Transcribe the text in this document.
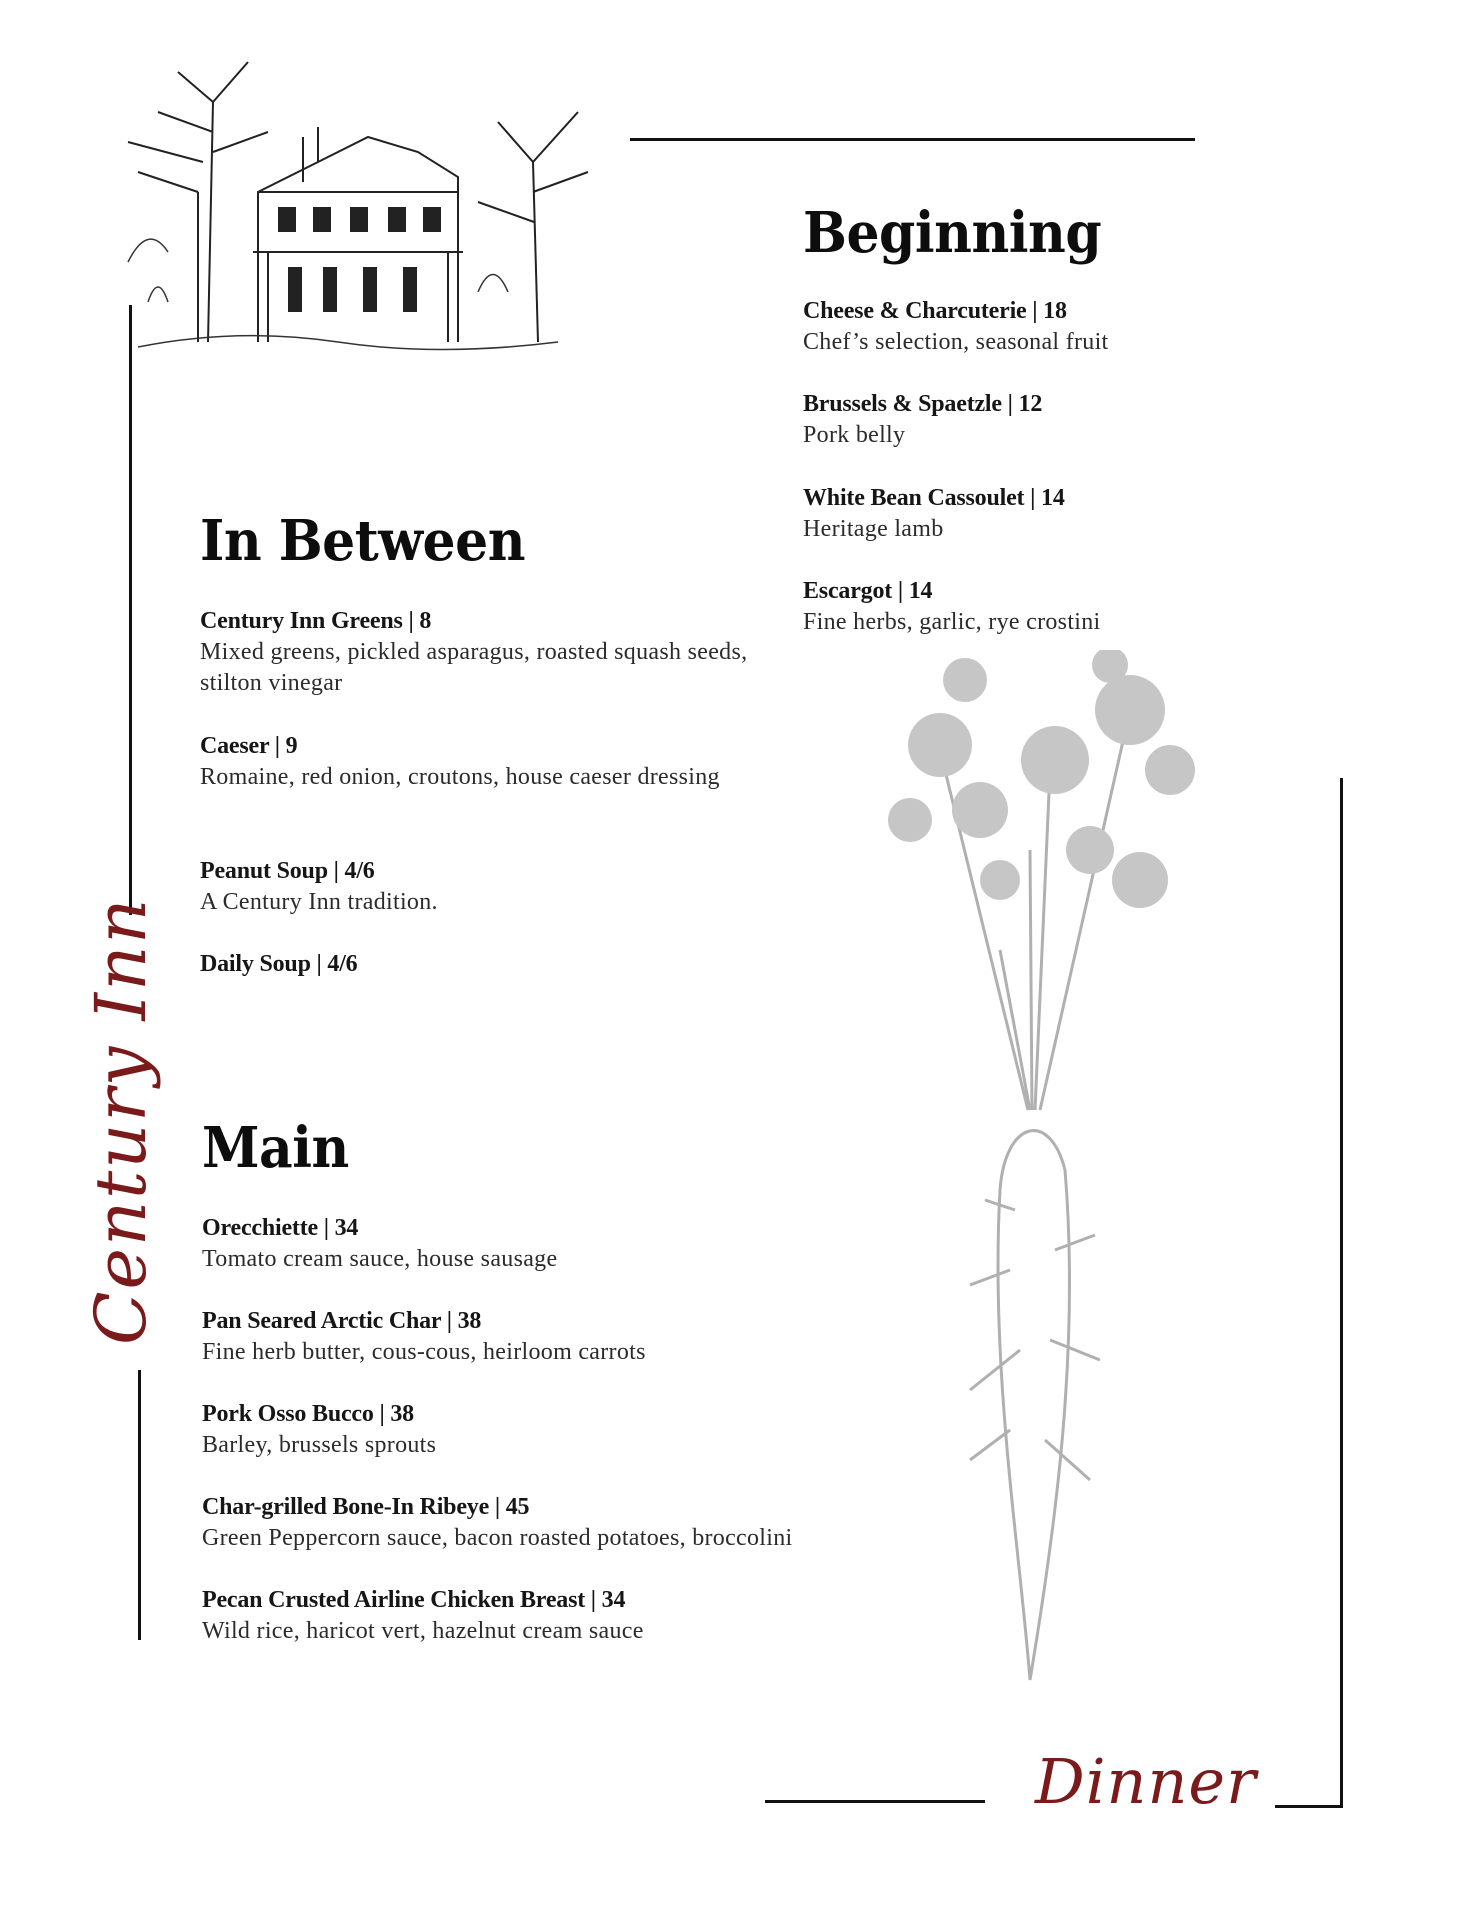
Century Inn
Beginning
Cheese & Charcuterie | 18
Chef’s selection, seasonal fruit
Brussels & Spaetzle | 12
Pork belly
White Bean Cassoulet | 14
Heritage lamb
Escargot | 14
Fine herbs, garlic, rye crostini
In Between
Century Inn Greens | 8
Mixed greens, pickled asparagus, roasted squash seeds, stilton vinegar
Caeser | 9
Romaine, red onion, croutons, house caeser dressing
Peanut Soup | 4/6
A Century Inn tradition.
Daily Soup | 4/6
Main
Orecchiette | 34
Tomato cream sauce, house sausage
Pan Seared Arctic Char | 38
Fine herb butter, cous-cous, heirloom carrots
Pork Osso Bucco | 38
Barley, brussels sprouts
Char-grilled Bone-In Ribeye | 45
Green Peppercorn sauce, bacon roasted potatoes, broccolini
Pecan Crusted Airline Chicken Breast | 34
Wild rice, haricot vert, hazelnut cream sauce
Dinner
